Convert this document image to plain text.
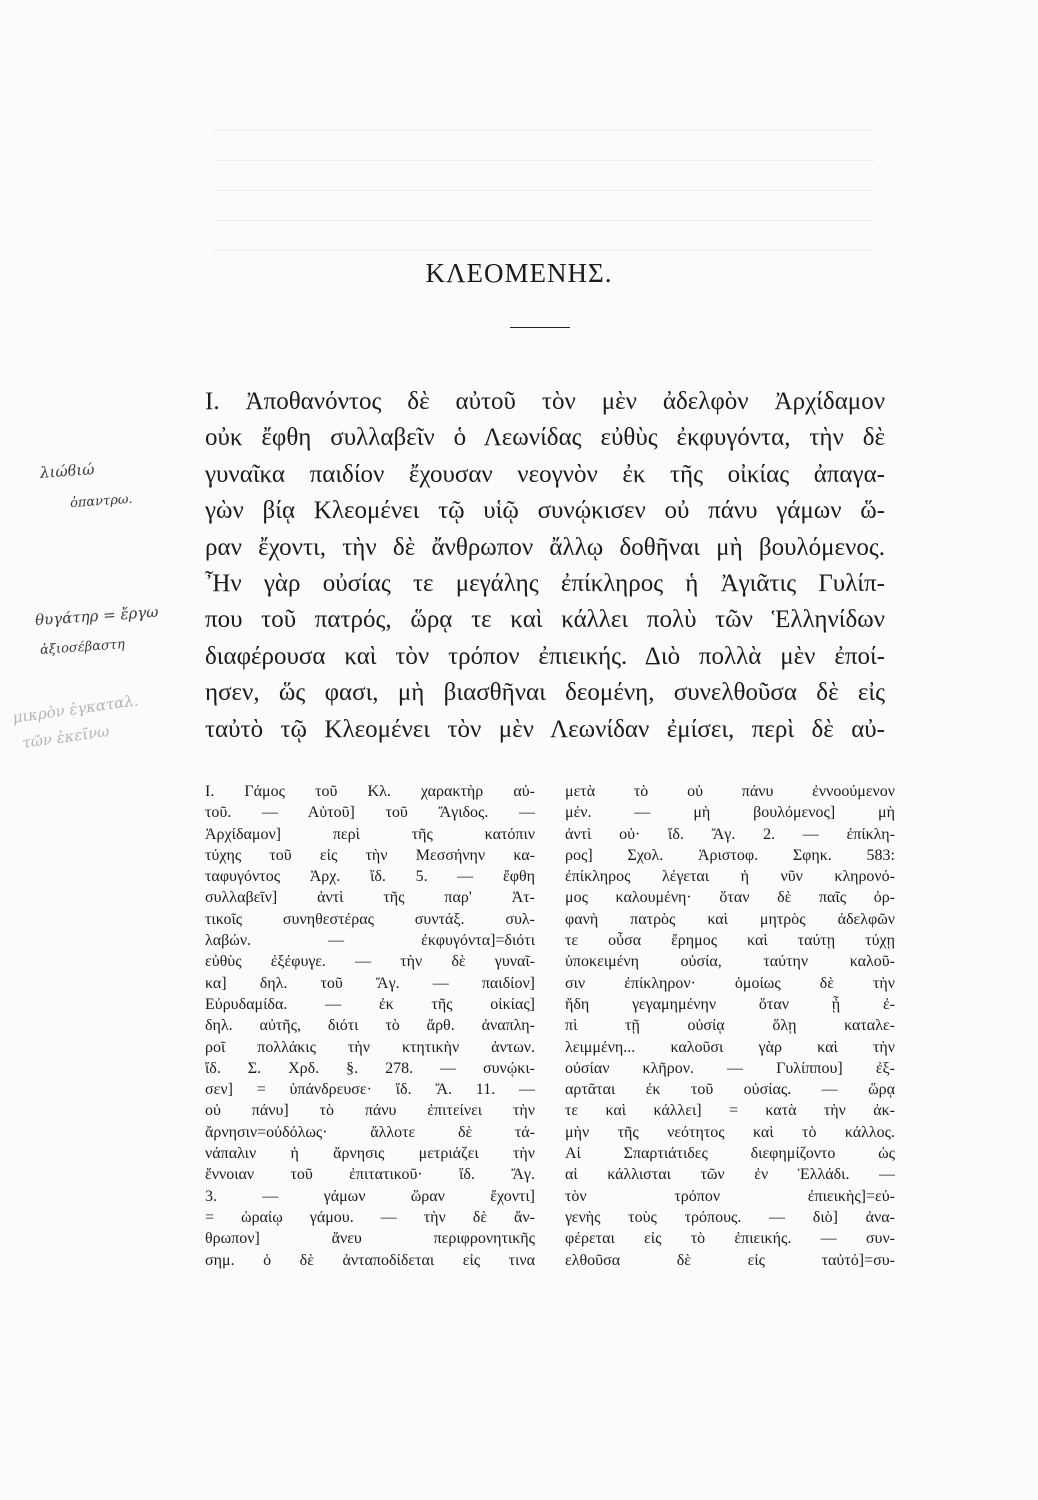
ΚΛΕΟΜΕΝΗΣ.
Ι. Ἀποθανόντος δὲ αὐτοῦ τὸν μὲν ἀδελφὸν Ἀρχίδαμον
οὐκ ἔφθη συλλαβεῖν ὁ Λεωνίδας εὐθὺς ἐκφυγόντα, τὴν δὲ
γυναῖκα παιδίον ἔχουσαν νεογνὸν ἐκ τῆς οἰκίας ἀπαγα-
γὼν βίᾳ Κλεομένει τῷ υἱῷ συνῴκισεν οὐ πάνυ γάμων ὥ-
ραν ἔχοντι, τὴν δὲ ἄνθρωπον ἄλλῳ δοθῆναι μὴ βουλόμενος.
Ἦν γὰρ οὐσίας τε μεγάλης ἐπίκληρος ἡ Ἀγιᾶτις Γυλίπ-
που τοῦ πατρός, ὥρᾳ τε καὶ κάλλει πολὺ τῶν Ἑλληνίδων
διαφέρουσα καὶ τὸν τρόπον ἐπιεικής. Διὸ πολλὰ μὲν ἐποί-
ησεν, ὥς φασι, μὴ βιασθῆναι δεομένη, συνελθοῦσα δὲ εἰς
ταὐτὸ τῷ Κλεομένει τὸν μὲν Λεωνίδαν ἐμίσει, περὶ δὲ αὐ-
Ι. Γάμος τοῦ Κλ. χαρακτὴρ αὐ-
τοῦ. — Αὐτοῦ] τοῦ Ἄγιδος. —
Ἀρχίδαμον] περὶ τῆς κατόπιν
τύχης τοῦ εἰς τὴν Μεσσήνην κα-
ταφυγόντος Ἀρχ. ἴδ. 5. — ἔφθη
συλλαβεῖν] ἀντὶ τῆς παρ' Ἀτ-
τικοῖς συνηθεστέρας συντάξ. συλ-
λαβών. — ἐκφυγόντα]=διότι
εὐθὺς ἐξέφυγε. — τὴν δὲ γυναῖ-
κα] δηλ. τοῦ Ἄγ. — παιδίον]
Εὐρυδαμίδα. — ἐκ τῆς οἰκίας]
δηλ. αὐτῆς, διότι τὸ ἄρθ. ἀναπλη-
ροῖ πολλάκις τὴν κτητικὴν ἀντων.
ἴδ. Σ. Χρδ. §. 278. — συνῴκι-
σεν] = ὑπάνδρευσε· ἴδ. Ἄ. 11. —
οὐ πάνυ] τὸ πάνυ ἐπιτείνει τὴν
ἄρνησιν=οὐδόλως· ἄλλοτε δὲ τά-
νάπαλιν ἡ ἄρνησις μετριάζει τὴν
ἔννοιαν τοῦ ἐπιτατικοῦ· ἴδ. Ἄγ.
3. — γάμων ὥραν ἔχοντι]
= ὡραίῳ γάμου. — τὴν δὲ ἄν-
θρωπον] ἄνευ περιφρονητικῆς
σημ. ὁ δὲ ἀνταποδίδεται εἰς τινα
μετὰ τὸ οὐ πάνυ ἐννοούμενον
μέν. — μὴ βουλόμενος] μὴ
ἀντὶ οὐ· ἴδ. Ἄγ. 2. — ἐπίκλη-
ρος] Σχολ. Ἀριστοφ. Σφηκ. 583:
ἐπίκληρος λέγεται ἡ νῦν κληρονό-
μος καλουμένη· ὅταν δὲ παῖς ὀρ-
φανὴ πατρὸς καὶ μητρὸς ἀδελφῶν
τε οὖσα ἔρημος καὶ ταύτῃ τύχῃ
ὑποκειμένη οὐσία, ταύτην καλοῦ-
σιν ἐπίκληρον· ὁμοίως δὲ τὴν
ἤδη γεγαμημένην ὅταν ᾖ ἐ-
πὶ τῇ οὐσίᾳ ὅλῃ καταλε-
λειμμένη... καλοῦσι γὰρ καὶ τὴν
οὐσίαν κλῆρον. — Γυλίππου] ἐξ-
αρτᾶται ἐκ τοῦ οὐσίας. — ὥρᾳ
τε καὶ κάλλει] = κατὰ τὴν ἀκ-
μὴν τῆς νεότητος καὶ τὸ κάλλος.
Αἱ Σπαρτιάτιδες διεφημίζοντο ὡς
αἱ κάλλισται τῶν ἐν Ἑλλάδι. —
τὸν τρόπον ἐπιεικὴς]=εὐ-
γενὴς τοὺς τρόπους. — διὸ] ἀνα-
φέρεται εἰς τὸ ἐπιεικής. — συν-
ελθοῦσα δὲ εἰς ταὐτό]=συ-
λιώϐιώ
ὀπαντρω.
θυγάτηρ = ἔργω
ἀξιοσέβαστη
μικρὸν ἐγκαταλ.
τῶν ἐκεῖνω
